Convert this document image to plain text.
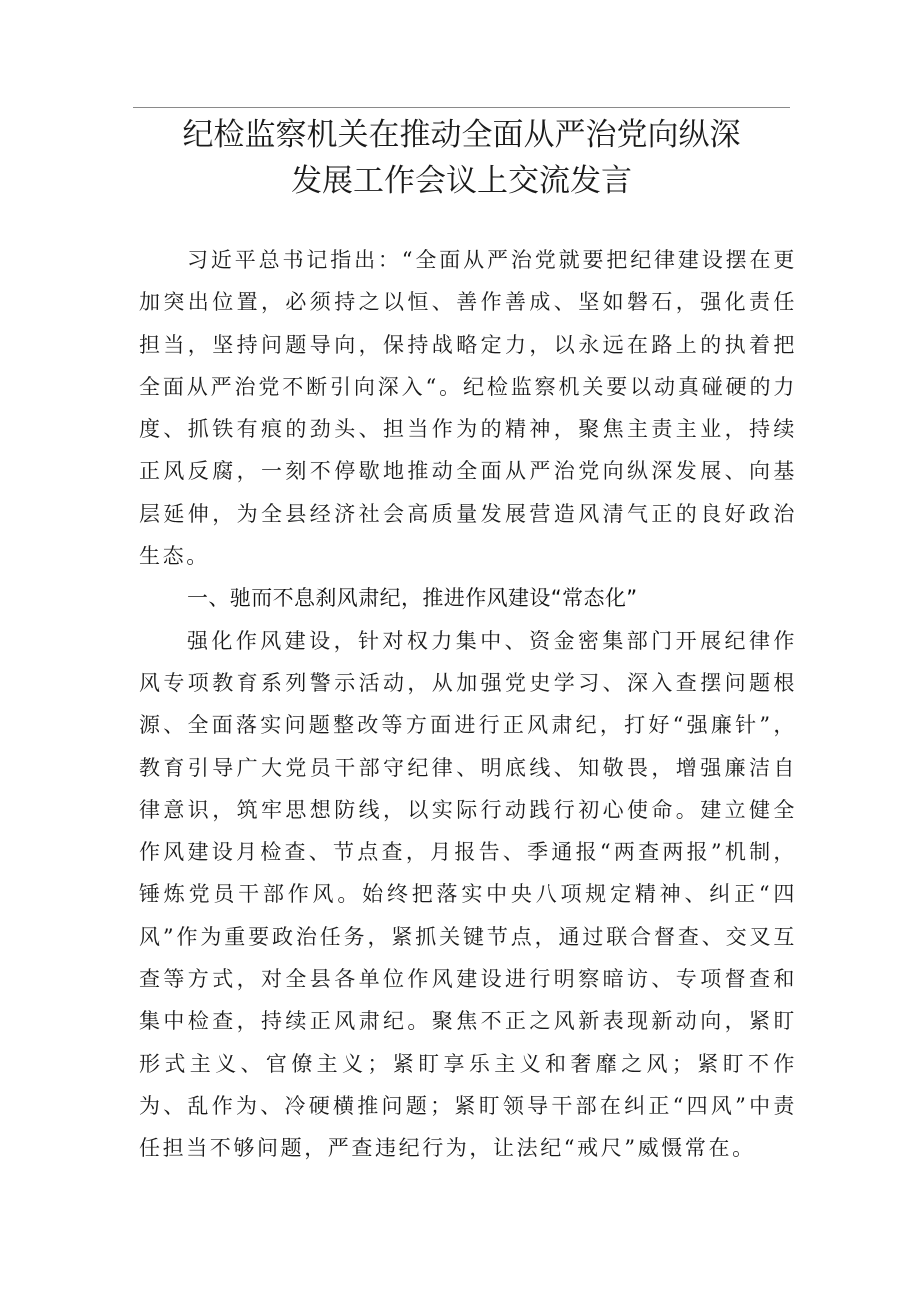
纪检监察机关在推动全面从严治党向纵深
发展工作会议上交流发言

习近平总书记指出：“全面从严治党就要把纪律建设摆在更加突出位置，必须持之以恒、善作善成、坚如磐石，强化责任担当，坚持问题导向，保持战略定力，以永远在路上的执着把全面从严治党不断引向深入“。纪检监察机关要以动真碰硬的力度、抓铁有痕的劲头、担当作为的精神，聚焦主责主业，持续正风反腐，一刻不停歇地推动全面从严治党向纵深发展、向基层延伸，为全县经济社会高质量发展营造风清气正的良好政治生态。

一、驰而不息刹风肃纪，推进作风建设“常态化”

强化作风建设，针对权力集中、资金密集部门开展纪律作风专项教育系列警示活动，从加强党史学习、深入查摆问题根源、全面落实问题整改等方面进行正风肃纪，打好“强廉针”，教育引导广大党员干部守纪律、明底线、知敬畏，增强廉洁自律意识，筑牢思想防线，以实际行动践行初心使命。建立健全作风建设月检查、节点查，月报告、季通报“两查两报”机制，锤炼党员干部作风。始终把落实中央八项规定精神、纠正“四风”作为重要政治任务，紧抓关键节点，通过联合督查、交叉互查等方式，对全县各单位作风建设进行明察暗访、专项督查和集中检查，持续正风肃纪。聚焦不正之风新表现新动向，紧盯形式主义、官僚主义；紧盯享乐主义和奢靡之风；紧盯不作为、乱作为、冷硬横推问题；紧盯领导干部在纠正“四风”中责任担当不够问题，严查违纪行为，让法纪“戒尺”威慑常在。
